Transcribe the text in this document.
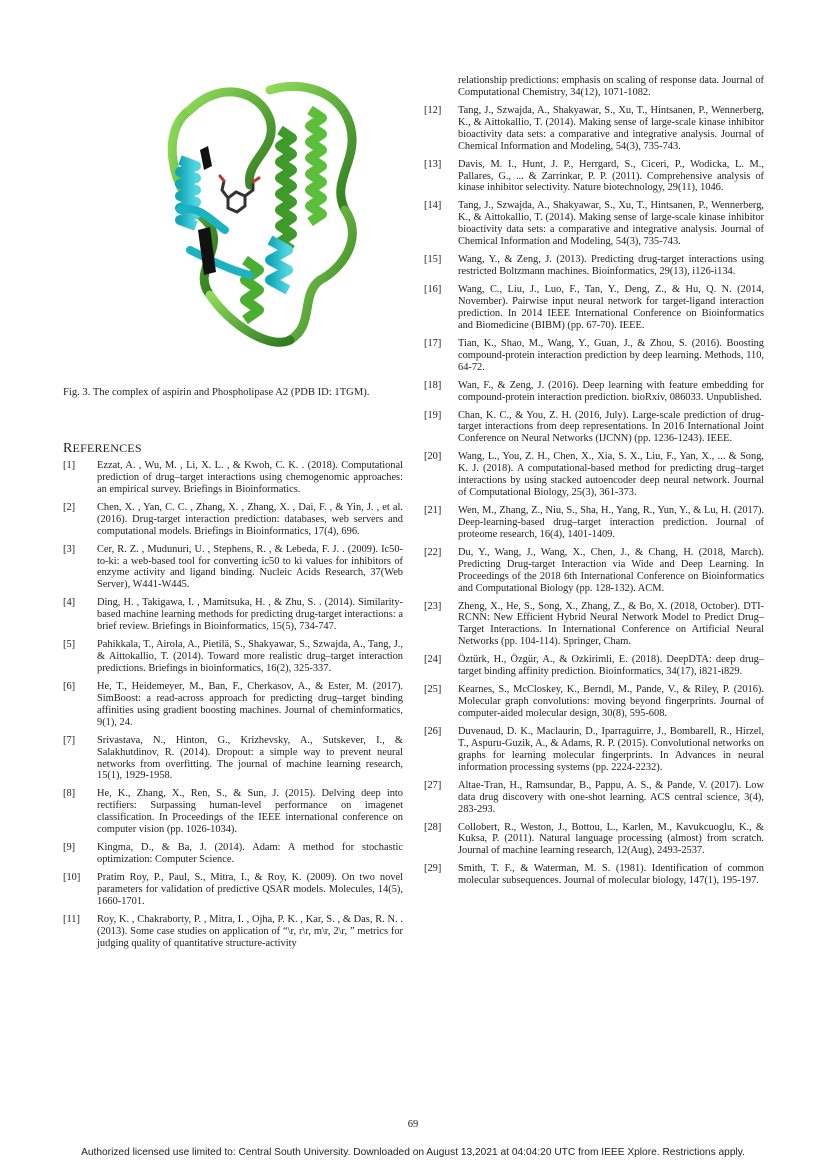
Fig. 3. The complex of aspirin and Phospholipase A2 (PDB ID: 1TGM).
REFERENCES
[1] Ezzat, A. , Wu, M. , Li, X. L. , & Kwoh, C. K. . (2018). Computational prediction of drug–target interactions using chemogenomic approaches: an empirical survey. Briefings in Bioinformatics.
[2] Chen, X. , Yan, C. C. , Zhang, X. , Zhang, X. , Dai, F. , & Yin, J. , et al. (2016). Drug-target interaction prediction: databases, web servers and computational models. Briefings in Bioinformatics, 17(4), 696.
[3] Cer, R. Z. , Mudunuri, U. , Stephens, R. , & Lebeda, F. J. . (2009). Ic50-to-ki: a web-based tool for converting ic50 to ki values for inhibitors of enzyme activity and ligand binding. Nucleic Acids Research, 37(Web Server), W441-W445.
[4] Ding, H. , Takigawa, I. , Mamitsuka, H. , & Zhu, S. . (2014). Similarity-based machine learning methods for predicting drug-target interactions: a brief review. Briefings in Bioinformatics, 15(5), 734-747.
[5] Pahikkala, T., Airola, A., Pietilä, S., Shakyawar, S., Szwajda, A., Tang, J., & Aittokallio, T. (2014). Toward more realistic drug–target interaction predictions. Briefings in bioinformatics, 16(2), 325-337.
[6] He, T., Heidemeyer, M., Ban, F., Cherkasov, A., & Ester, M. (2017). SimBoost: a read-across approach for predicting drug–target binding affinities using gradient boosting machines. Journal of cheminformatics, 9(1), 24.
[7] Srivastava, N., Hinton, G., Krizhevsky, A., Sutskever, I., & Salakhutdinov, R. (2014). Dropout: a simple way to prevent neural networks from overfitting. The journal of machine learning research, 15(1), 1929-1958.
[8] He, K., Zhang, X., Ren, S., & Sun, J. (2015). Delving deep into rectifiers: Surpassing human-level performance on imagenet classification. In Proceedings of the IEEE international conference on computer vision (pp. 1026-1034).
[9] Kingma, D., & Ba, J. (2014). Adam: A method for stochastic optimization: Computer Science.
[10] Pratim Roy, P., Paul, S., Mitra, I., & Roy, K. (2009). On two novel parameters for validation of predictive QSAR models. Molecules, 14(5), 1660-1701.
[11] Roy, K. , Chakraborty, P. , Mitra, I. , Ojha, P. K. , Kar, S. , & Das, R. N. . (2013). Some case studies on application of “\r, r\r, m\r, 2\r, ” metrics for judging quality of quantitative structure-activity
relationship predictions: emphasis on scaling of response data. Journal of Computational Chemistry, 34(12), 1071-1082.
[12] Tang, J., Szwajda, A., Shakyawar, S., Xu, T., Hintsanen, P., Wennerberg, K., & Aittokallio, T. (2014). Making sense of large-scale kinase inhibitor bioactivity data sets: a comparative and integrative analysis. Journal of Chemical Information and Modeling, 54(3), 735-743.
[13] Davis, M. I., Hunt, J. P., Herrgard, S., Ciceri, P., Wodicka, L. M., Pallares, G., ... & Zarrinkar, P. P. (2011). Comprehensive analysis of kinase inhibitor selectivity. Nature biotechnology, 29(11), 1046.
[14] Tang, J., Szwajda, A., Shakyawar, S., Xu, T., Hintsanen, P., Wennerberg, K., & Aittokallio, T. (2014). Making sense of large-scale kinase inhibitor bioactivity data sets: a comparative and integrative analysis. Journal of Chemical Information and Modeling, 54(3), 735-743.
[15] Wang, Y., & Zeng, J. (2013). Predicting drug-target interactions using restricted Boltzmann machines. Bioinformatics, 29(13), i126-i134.
[16] Wang, C., Liu, J., Luo, F., Tan, Y., Deng, Z., & Hu, Q. N. (2014, November). Pairwise input neural network for target-ligand interaction prediction. In 2014 IEEE International Conference on Bioinformatics and Biomedicine (BIBM) (pp. 67-70). IEEE.
[17] Tian, K., Shao, M., Wang, Y., Guan, J., & Zhou, S. (2016). Boosting compound-protein interaction prediction by deep learning. Methods, 110, 64-72.
[18] Wan, F., & Zeng, J. (2016). Deep learning with feature embedding for compound-protein interaction prediction. bioRxiv, 086033. Unpublished.
[19] Chan, K. C., & You, Z. H. (2016, July). Large-scale prediction of drug-target interactions from deep representations. In 2016 International Joint Conference on Neural Networks (IJCNN) (pp. 1236-1243). IEEE.
[20] Wang, L., You, Z. H., Chen, X., Xia, S. X., Liu, F., Yan, X., ... & Song, K. J. (2018). A computational-based method for predicting drug–target interactions by using stacked autoencoder deep neural network. Journal of Computational Biology, 25(3), 361-373.
[21] Wen, M., Zhang, Z., Niu, S., Sha, H., Yang, R., Yun, Y., & Lu, H. (2017). Deep-learning-based drug–target interaction prediction. Journal of proteome research, 16(4), 1401-1409.
[22] Du, Y., Wang, J., Wang, X., Chen, J., & Chang, H. (2018, March). Predicting Drug-target Interaction via Wide and Deep Learning. In Proceedings of the 2018 6th International Conference on Bioinformatics and Computational Biology (pp. 128-132). ACM.
[23] Zheng, X., He, S., Song, X., Zhang, Z., & Bo, X. (2018, October). DTI-RCNN: New Efficient Hybrid Neural Network Model to Predict Drug–Target Interactions. In International Conference on Artificial Neural Networks (pp. 104-114). Springer, Cham.
[24] Öztürk, H., Özgür, A., & Ozkirimli, E. (2018). DeepDTA: deep drug–target binding affinity prediction. Bioinformatics, 34(17), i821-i829.
[25] Kearnes, S., McCloskey, K., Berndl, M., Pande, V., & Riley, P. (2016). Molecular graph convolutions: moving beyond fingerprints. Journal of computer-aided molecular design, 30(8), 595-608.
[26] Duvenaud, D. K., Maclaurin, D., Iparraguirre, J., Bombarell, R., Hirzel, T., Aspuru-Guzik, A., & Adams, R. P. (2015). Convolutional networks on graphs for learning molecular fingerprints. In Advances in neural information processing systems (pp. 2224-2232).
[27] Altae-Tran, H., Ramsundar, B., Pappu, A. S., & Pande, V. (2017). Low data drug discovery with one-shot learning. ACS central science, 3(4), 283-293.
[28] Collobert, R., Weston, J., Bottou, L., Karlen, M., Kavukcuoglu, K., & Kuksa, P. (2011). Natural language processing (almost) from scratch. Journal of machine learning research, 12(Aug), 2493-2537.
[29] Smith, T. F., & Waterman, M. S. (1981). Identification of common molecular subsequences. Journal of molecular biology, 147(1), 195-197.
69
Authorized licensed use limited to: Central South University. Downloaded on August 13,2021 at 04:04:20 UTC from IEEE Xplore. Restrictions apply.
